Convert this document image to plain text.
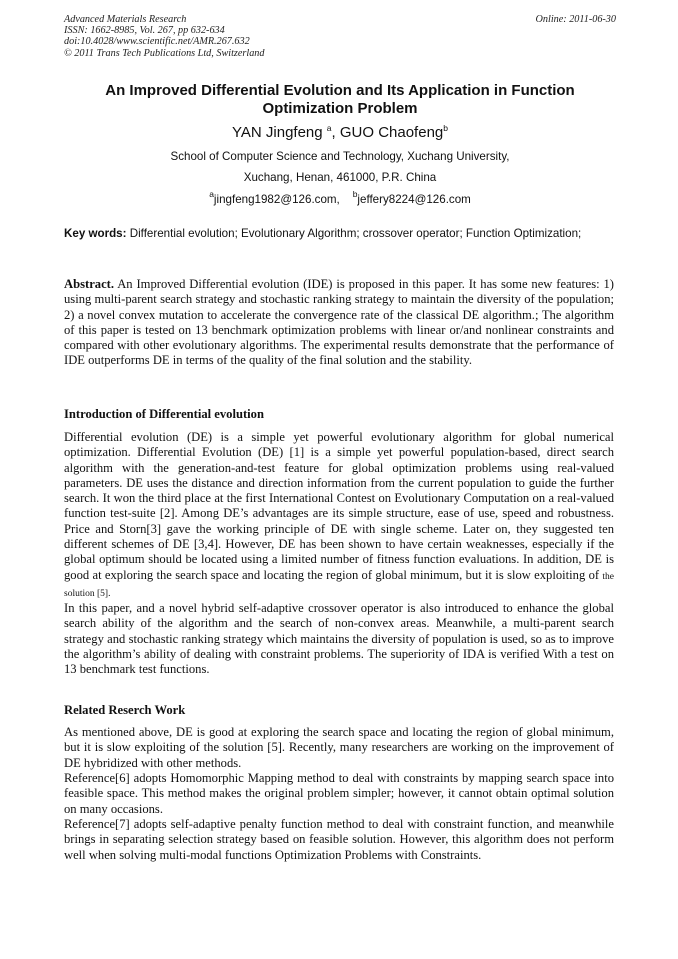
Advanced Materials Research
ISSN: 1662-8985, Vol. 267, pp 632-634
doi:10.4028/www.scientific.net/AMR.267.632
© 2011 Trans Tech Publications Ltd, Switzerland
Online: 2011-06-30
An Improved Differential Evolution and Its Application in Function
Optimization Problem
YAN Jingfeng $^a$, GUO Chaofeng$^b$
School of Computer Science and Technology, Xuchang University,
Xuchang, Henan, 461000, P.R. China
$^a$jingfeng1982@126.com, $^b$jeffery8224@126.com
Key words: Differential evolution; Evolutionary Algorithm; crossover operator; Function Optimization;

Abstract. An Improved Differential evolution (IDE) is proposed in this paper. It has some new features: 1) using multi-parent search strategy and stochastic ranking strategy to maintain the diversity of the population; 2) a novel convex mutation to accelerate the convergence rate of the classical DE algorithm.; The algorithm of this paper is tested on 13 benchmark optimization problems with linear or/and nonlinear constraints and compared with other evolutionary algorithms. The experimental results demonstrate that the performance of IDE outperforms DE in terms of the quality of the final solution and the stability.

Introduction of Differential evolution

Differential evolution (DE) is a simple yet powerful evolutionary algorithm for global numerical optimization. Differential Evolution (DE) [1] is a simple yet powerful population-based, direct search algorithm with the generation-and-test feature for global optimization problems using real-valued parameters. DE uses the distance and direction information from the current population to guide the further search. It won the third place at the first International Contest on Evolutionary Computation on a real-valued function test-suite [2]. Among DE’s advantages are its simple structure, ease of use, speed and robustness. Price and Storn[3] gave the working principle of DE with single scheme. Later on, they suggested ten different schemes of DE [3,4]. However, DE has been shown to have certain weaknesses, especially if the global optimum should be located using a limited number of fitness function evaluations. In addition, DE is good at exploring the search space and locating the region of global minimum, but it is slow exploiting of the solution [5].

In this paper, and a novel hybrid self-adaptive crossover operator is also introduced to enhance the global search ability of the algorithm and the search of non-convex areas. Meanwhile, a multi-parent search strategy and stochastic ranking strategy which maintains the diversity of population is used, so as to improve the algorithm’s ability of dealing with constraint problems. The superiority of IDA is verified With a test on 13 benchmark test functions.

Related Reserch Work

As mentioned above, DE is good at exploring the search space and locating the region of global minimum, but it is slow exploiting of the solution [5]. Recently, many researchers are working on the improvement of DE hybridized with other methods.

Reference[6] adopts Homomorphic Mapping method to deal with constraints by mapping search space into feasible space. This method makes the original problem simpler; however, it cannot obtain optimal solution on many occasions.

Reference[7] adopts self-adaptive penalty function method to deal with constraint function, and meanwhile brings in separating selection strategy based on feasible solution. However, this algorithm does not perform well when solving multi-modal functions Optimization Problems with Constraints.
